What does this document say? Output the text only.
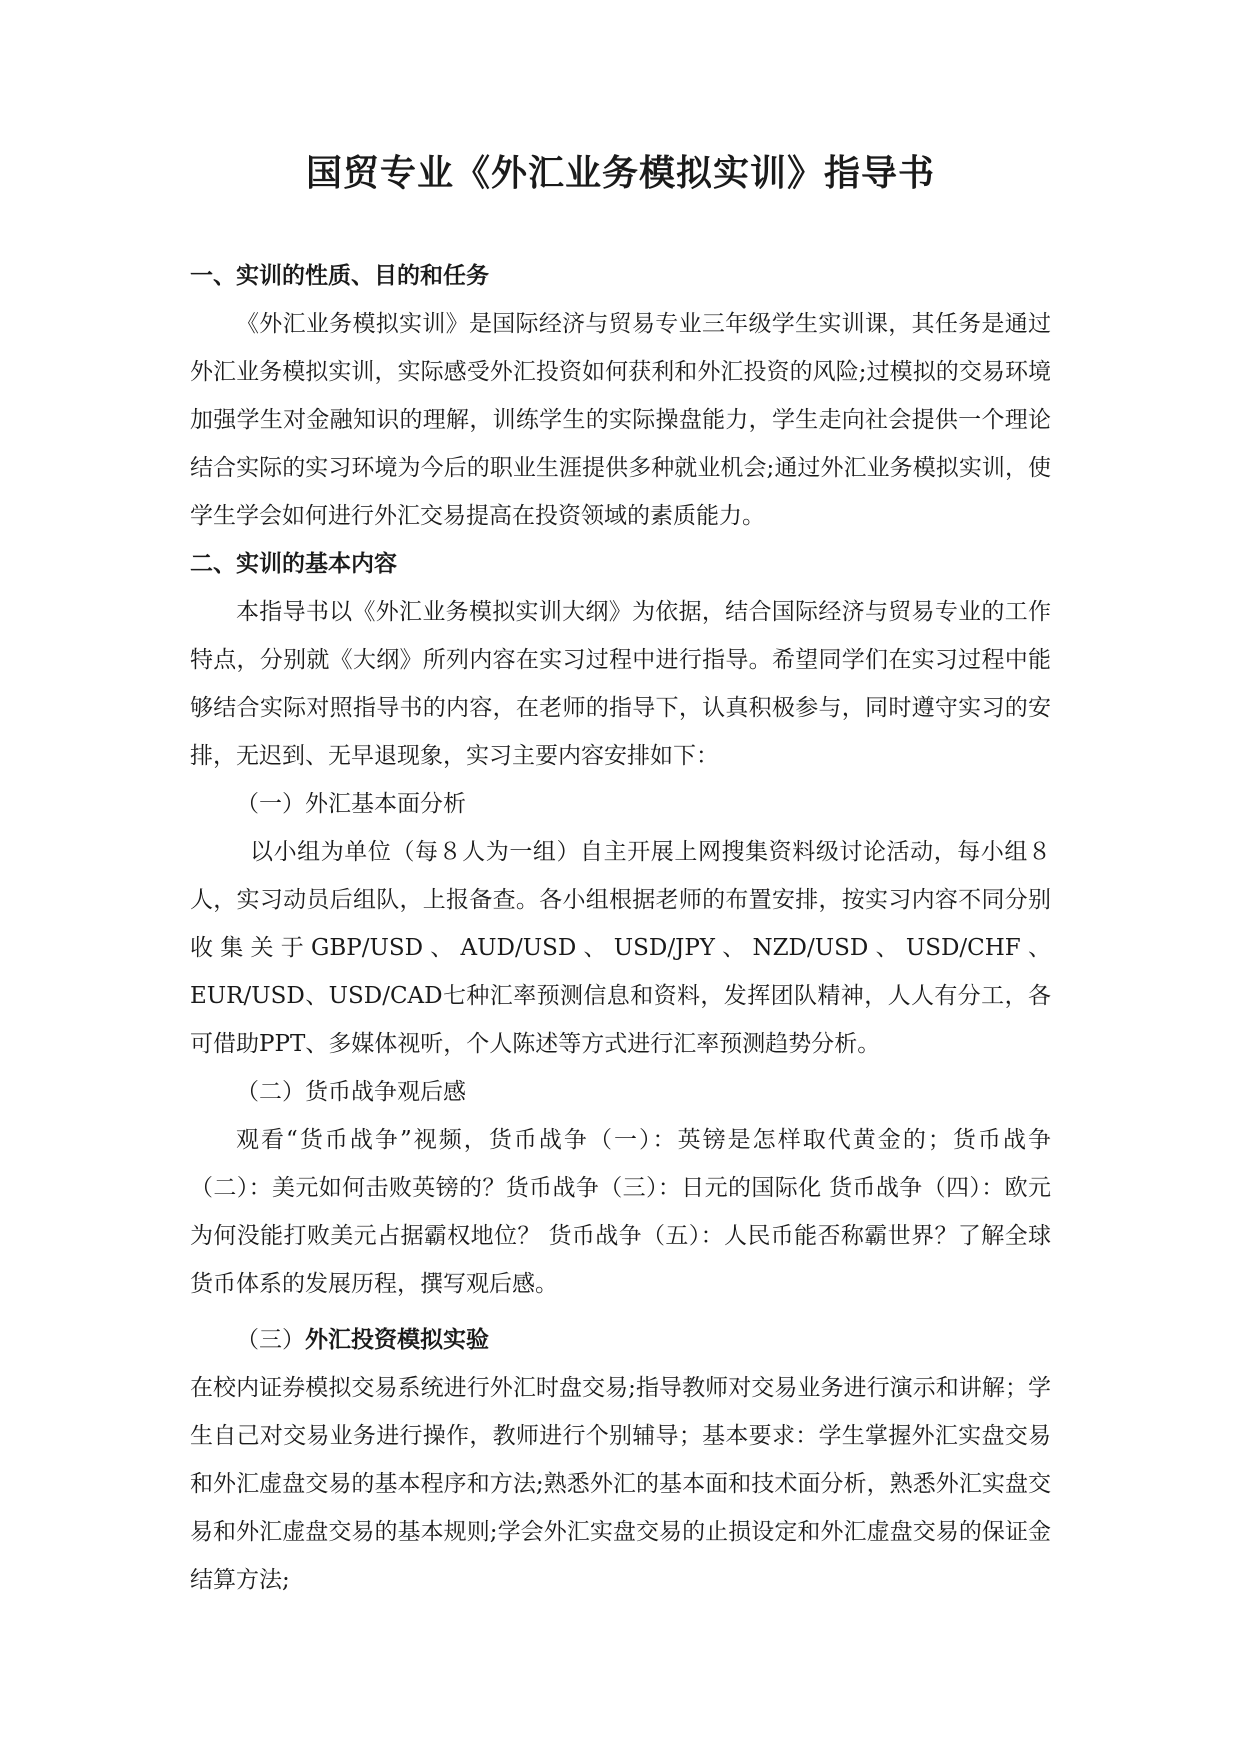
国贸专业《外汇业务模拟实训》指导书
一、实训的性质、目的和任务

《外汇业务模拟实训》是国际经济与贸易专业三年级学生实训课，其任务是通过外汇业务模拟实训，实际感受外汇投资如何获利和外汇投资的风险;过模拟的交易环境加强学生对金融知识的理解，训练学生的实际操盘能力，学生走向社会提供一个理论结合实际的实习环境为今后的职业生涯提供多种就业机会;通过外汇业务模拟实训，使学生学会如何进行外汇交易提高在投资领域的素质能力。

二、实训的基本内容

本指导书以《外汇业务模拟实训大纲》为依据，结合国际经济与贸易专业的工作特点，分别就《大纲》所列内容在实习过程中进行指导。希望同学们在实习过程中能够结合实际对照指导书的内容，在老师的指导下，认真积极参与，同时遵守实习的安排，无迟到、无早退现象，实习主要内容安排如下：

（一）外汇基本面分析

以小组为单位（每８人为一组）自主开展上网搜集资料级讨论活动，每小组８人，实习动员后组队，上报备查。各小组根据老师的布置安排，按实习内容不同分别收集关于GBP/USD、AUD/USD、USD/JPY、NZD/USD、USD/CHF、EUR/USD、USD/CAD七种汇率预测信息和资料，发挥团队精神，人人有分工，各可借助PPT、多媒体视听，个人陈述等方式进行汇率预测趋势分析。

（二）货币战争观后感

观看“货币战争”视频，货币战争（一）：英镑是怎样取代黄金的；货币战争（二）：美元如何击败英镑的？货币战争（三）：日元的国际化 货币战争（四）：欧元为何没能打败美元占据霸权地位？ 货币战争（五）：人民币能否称霸世界？了解全球货币体系的发展历程，撰写观后感。

（三）外汇投资模拟实验

在校内证券模拟交易系统进行外汇时盘交易;指导教师对交易业务进行演示和讲解；学生自己对交易业务进行操作，教师进行个别辅导；基本要求：学生掌握外汇实盘交易和外汇虚盘交易的基本程序和方法;熟悉外汇的基本面和技术面分析，熟悉外汇实盘交易和外汇虚盘交易的基本规则;学会外汇实盘交易的止损设定和外汇虚盘交易的保证金结算方法;
